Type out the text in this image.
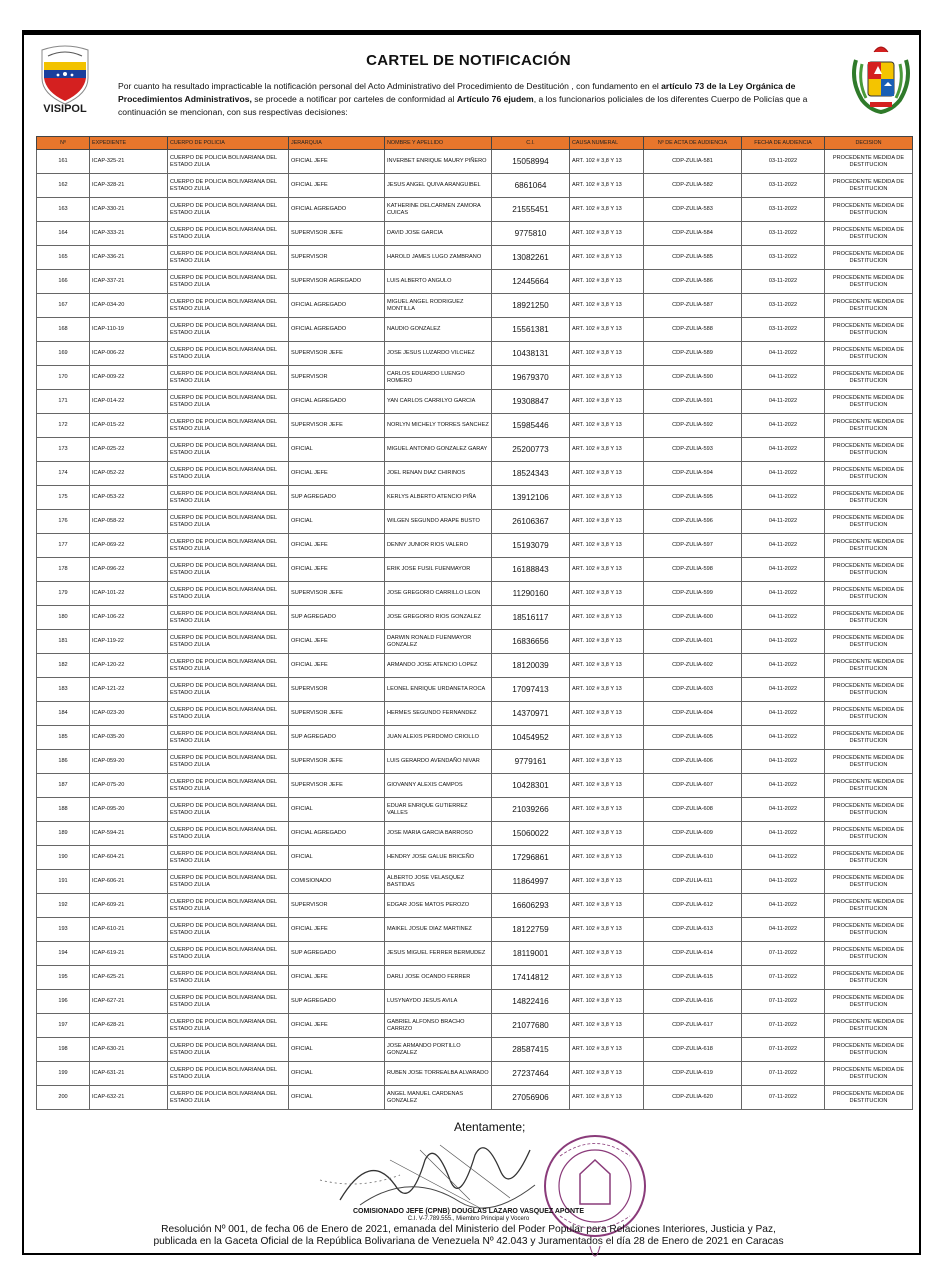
VISIPOL
CARTEL DE NOTIFICACIÓN
Por cuanto ha resultado impracticable la notificación personal del Acto Administrativo del Procedimiento de Destitución , con fundamento en el artículo 73 de la Ley Orgánica de Procedimientos Administrativos, se procede a notificar por carteles de conformidad al Artículo 76 ejudem, a los funcionarios policiales de los diferentes Cuerpo de Policías que a continuación se mencionan, con sus respectivas decisiones:
Nº	EXPEDIENTE	CUERPO DE POLICIA	JERARQUIA	NOMBRE Y APELLIDO	C.I.	CAUSA NUMERAL	Nº DE ACTA DE AUDIENCIA	FECHA DE AUDIENCIA	DECISION
161	ICAP-325-21	CUERPO DE POLICIA BOLIVARIANA DEL ESTADO ZULIA	OFICIAL JEFE	INVERBET ENRIQUE MAURY PIÑERO	15058994	ART. 102 # 3,8 Y 13	CDP-ZULIA-581	03-11-2022	PROCEDENTE MEDIDA DE DESTITUCION
162	ICAP-328-21	CUERPO DE POLICIA BOLIVARIANA DEL ESTADO ZULIA	OFICIAL JEFE	JESUS ANGEL QUIVA ARANGUIBEL	6861064	ART. 102 # 3,8 Y 13	CDP-ZULIA-582	03-11-2022	PROCEDENTE MEDIDA DE DESTITUCION
163	ICAP-330-21	CUERPO DE POLICIA BOLIVARIANA DEL ESTADO ZULIA	OFICIAL AGREGADO	KATHERINE DELCARMEN ZAMORA CUICAS	21555451	ART. 102 # 3,8 Y 13	CDP-ZULIA-583	03-11-2022	PROCEDENTE MEDIDA DE DESTITUCION
164	ICAP-333-21	CUERPO DE POLICIA BOLIVARIANA DEL ESTADO ZULIA	SUPERVISOR JEFE	DAVID JOSE GARCIA	9775810	ART. 102 # 3,8 Y 13	CDP-ZULIA-584	03-11-2022	PROCEDENTE MEDIDA DE DESTITUCION
165	ICAP-336-21	CUERPO DE POLICIA BOLIVARIANA DEL ESTADO ZULIA	SUPERVISOR	HAROLD JAMES LUGO ZAMBRANO	13082261	ART. 102 # 3,8 Y 13	CDP-ZULIA-585	03-11-2022	PROCEDENTE MEDIDA DE DESTITUCION
166	ICAP-337-21	CUERPO DE POLICIA BOLIVARIANA DEL ESTADO ZULIA	SUPERVISOR AGREGADO	LUIS ALBERTO ANGULO	12445664	ART. 102 # 3,8 Y 13	CDP-ZULIA-586	03-11-2022	PROCEDENTE MEDIDA DE DESTITUCION
167	ICAP-034-20	CUERPO DE POLICIA BOLIVARIANA DEL ESTADO ZULIA	OFICIAL AGREGADO	MIGUEL ANGEL RODRIGUEZ MONTILLA	18921250	ART. 102 # 3,8 Y 13	CDP-ZULIA-587	03-11-2022	PROCEDENTE MEDIDA DE DESTITUCION
168	ICAP-110-19	CUERPO DE POLICIA BOLIVARIANA DEL ESTADO ZULIA	OFICIAL AGREGADO	NAUDIO GONZALEZ	15561381	ART. 102 # 3,8 Y 13	CDP-ZULIA-588	03-11-2022	PROCEDENTE MEDIDA DE DESTITUCION
169	ICAP-006-22	CUERPO DE POLICIA BOLIVARIANA DEL ESTADO ZULIA	SUPERVISOR JEFE	JOSE JESUS LUZARDO VILCHEZ	10438131	ART. 102 # 3,8 Y 13	CDP-ZULIA-589	04-11-2022	PROCEDENTE MEDIDA DE DESTITUCION
170	ICAP-009-22	CUERPO DE POLICIA BOLIVARIANA DEL ESTADO ZULIA	SUPERVISOR	CARLOS EDUARDO LUENGO ROMERO	19679370	ART. 102 # 3,8 Y 13	CDP-ZULIA-590	04-11-2022	PROCEDENTE MEDIDA DE DESTITUCION
171	ICAP-014-22	CUERPO DE POLICIA BOLIVARIANA DEL ESTADO ZULIA	OFICIAL AGREGADO	YAN CARLOS CARRILYO GARCIA	19308847	ART. 102 # 3,8 Y 13	CDP-ZULIA-591	04-11-2022	PROCEDENTE MEDIDA DE DESTITUCION
172	ICAP-015-22	CUERPO DE POLICIA BOLIVARIANA DEL ESTADO ZULIA	SUPERVISOR JEFE	NORLYN MICHELY TORRES SANCHEZ	15985446	ART. 102 # 3,8 Y 13	CDP-ZULIA-592	04-11-2022	PROCEDENTE MEDIDA DE DESTITUCION
173	ICAP-025-22	CUERPO DE POLICIA BOLIVARIANA DEL ESTADO ZULIA	OFICIAL	MIGUEL ANTONIO GONZALEZ GARAY	25200773	ART. 102 # 3,8 Y 13	CDP-ZULIA-593	04-11-2022	PROCEDENTE MEDIDA DE DESTITUCION
174	ICAP-052-22	CUERPO DE POLICIA BOLIVARIANA DEL ESTADO ZULIA	OFICIAL JEFE	JOEL RENAN DIAZ CHIRINOS	18524343	ART. 102 # 3,8 Y 13	CDP-ZULIA-594	04-11-2022	PROCEDENTE MEDIDA DE DESTITUCION
175	ICAP-053-22	CUERPO DE POLICIA BOLIVARIANA DEL ESTADO ZULIA	SUP AGREGADO	KERLYS ALBERTO ATENCIO PIÑA	13912106	ART. 102 # 3,8 Y 13	CDP-ZULIA-595	04-11-2022	PROCEDENTE MEDIDA DE DESTITUCION
176	ICAP-058-22	CUERPO DE POLICIA BOLIVARIANA DEL ESTADO ZULIA	OFICIAL	WILGEN SEGUNDO ARAPE BUSTO	26106367	ART. 102 # 3,8 Y 13	CDP-ZULIA-596	04-11-2022	PROCEDENTE MEDIDA DE DESTITUCION
177	ICAP-069-22	CUERPO DE POLICIA BOLIVARIANA DEL ESTADO ZULIA	OFICIAL JEFE	DENNY JUNIOR RIOS VALERO	15193079	ART. 102 # 3,8 Y 13	CDP-ZULIA-597	04-11-2022	PROCEDENTE MEDIDA DE DESTITUCION
178	ICAP-096-22	CUERPO DE POLICIA BOLIVARIANA DEL ESTADO ZULIA	OFICIAL JEFE	ERIK JOSE FUSIL FUENMAYOR	16188843	ART. 102 # 3,8 Y 13	CDP-ZULIA-598	04-11-2022	PROCEDENTE MEDIDA DE DESTITUCION
179	ICAP-101-22	CUERPO DE POLICIA BOLIVARIANA DEL ESTADO ZULIA	SUPERVISOR JEFE	JOSE GREGORIO CARRILLO LEON	11290160	ART. 102 # 3,8 Y 13	CDP-ZULIA-599	04-11-2022	PROCEDENTE MEDIDA DE DESTITUCION
180	ICAP-106-22	CUERPO DE POLICIA BOLIVARIANA DEL ESTADO ZULIA	SUP AGREGADO	JOSE GREGORIO RIOS GONZALEZ	18516117	ART. 102 # 3,8 Y 13	CDP-ZULIA-600	04-11-2022	PROCEDENTE MEDIDA DE DESTITUCION
181	ICAP-119-22	CUERPO DE POLICIA BOLIVARIANA DEL ESTADO ZULIA	OFICIAL JEFE	DARWIN RONALD FUENMAYOR GONZALEZ	16836656	ART. 102 # 3,8 Y 13	CDP-ZULIA-601	04-11-2022	PROCEDENTE MEDIDA DE DESTITUCION
182	ICAP-120-22	CUERPO DE POLICIA BOLIVARIANA DEL ESTADO ZULIA	OFICIAL JEFE	ARMANDO JOSE ATENCIO LOPEZ	18120039	ART. 102 # 3,8 Y 13	CDP-ZULIA-602	04-11-2022	PROCEDENTE MEDIDA DE DESTITUCION
183	ICAP-121-22	CUERPO DE POLICIA BOLIVARIANA DEL ESTADO ZULIA	SUPERVISOR	LEONEL ENRIQUE URDANETA ROCA	17097413	ART. 102 # 3,8 Y 13	CDP-ZULIA-603	04-11-2022	PROCEDENTE MEDIDA DE DESTITUCION
184	ICAP-023-20	CUERPO DE POLICIA BOLIVARIANA DEL ESTADO ZULIA	SUPERVISOR JEFE	HERMES SEGUNDO FERNANDEZ	14370971	ART. 102 # 3,8 Y 13	CDP-ZULIA-604	04-11-2022	PROCEDENTE MEDIDA DE DESTITUCION
185	ICAP-035-20	CUERPO DE POLICIA BOLIVARIANA DEL ESTADO ZULIA	SUP AGREGADO	JUAN ALEXIS PERDOMO CRIOLLO	10454952	ART. 102 # 3,8 Y 13	CDP-ZULIA-605	04-11-2022	PROCEDENTE MEDIDA DE DESTITUCION
186	ICAP-059-20	CUERPO DE POLICIA BOLIVARIANA DEL ESTADO ZULIA	SUPERVISOR JEFE	LUIS GERARDO AVENDAÑO NIVAR	9779161	ART. 102 # 3,8 Y 13	CDP-ZULIA-606	04-11-2022	PROCEDENTE MEDIDA DE DESTITUCION
187	ICAP-075-20	CUERPO DE POLICIA BOLIVARIANA DEL ESTADO ZULIA	SUPERVISOR JEFE	GIOVANNY ALEXIS CAMPOS	10428301	ART. 102 # 3,8 Y 13	CDP-ZULIA-607	04-11-2022	PROCEDENTE MEDIDA DE DESTITUCION
188	ICAP-095-20	CUERPO DE POLICIA BOLIVARIANA DEL ESTADO ZULIA	OFICIAL	EDUAR ENRIQUE GUTIERREZ VALLES	21039266	ART. 102 # 3,8 Y 13	CDP-ZULIA-608	04-11-2022	PROCEDENTE MEDIDA DE DESTITUCION
189	ICAP-594-21	CUERPO DE POLICIA BOLIVARIANA DEL ESTADO ZULIA	OFICIAL AGREGADO	JOSE MARIA GARCIA BARROSO	15060022	ART. 102 # 3,8 Y 13	CDP-ZULIA-609	04-11-2022	PROCEDENTE MEDIDA DE DESTITUCION
190	ICAP-604-21	CUERPO DE POLICIA BOLIVARIANA DEL ESTADO ZULIA	OFICIAL	HENDRY JOSE GALUE BRICEÑO	17296861	ART. 102 # 3,8 Y 13	CDP-ZULIA-610	04-11-2022	PROCEDENTE MEDIDA DE DESTITUCION
191	ICAP-606-21	CUERPO DE POLICIA BOLIVARIANA DEL ESTADO ZULIA	COMISIONADO	ALBERTO JOSE VELASQUEZ BASTIDAS	11864997	ART. 102 # 3,8 Y 13	CDP-ZULIA-611	04-11-2022	PROCEDENTE MEDIDA DE DESTITUCION
192	ICAP-609-21	CUERPO DE POLICIA BOLIVARIANA DEL ESTADO ZULIA	SUPERVISOR	EDGAR JOSE MATOS PEROZO	16606293	ART. 102 # 3,8 Y 13	CDP-ZULIA-612	04-11-2022	PROCEDENTE MEDIDA DE DESTITUCION
193	ICAP-610-21	CUERPO DE POLICIA BOLIVARIANA DEL ESTADO ZULIA	OFICIAL JEFE	MAIKEL JOSUE DIAZ MARTINEZ	18122759	ART. 102 # 3,8 Y 13	CDP-ZULIA-613	04-11-2022	PROCEDENTE MEDIDA DE DESTITUCION
194	ICAP-619-21	CUERPO DE POLICIA BOLIVARIANA DEL ESTADO ZULIA	SUP AGREGADO	JESUS MIGUEL FERRER BERMUDEZ	18119001	ART. 102 # 3,8 Y 13	CDP-ZULIA-614	07-11-2022	PROCEDENTE MEDIDA DE DESTITUCION
195	ICAP-625-21	CUERPO DE POLICIA BOLIVARIANA DEL ESTADO ZULIA	OFICIAL JEFE	DARLI JOSE OCANDO FERRER	17414812	ART. 102 # 3,8 Y 13	CDP-ZULIA-615	07-11-2022	PROCEDENTE MEDIDA DE DESTITUCION
196	ICAP-627-21	CUERPO DE POLICIA BOLIVARIANA DEL ESTADO ZULIA	SUP AGREGADO	LUSYNAYDO JESUS AVILA	14822416	ART. 102 # 3,8 Y 13	CDP-ZULIA-616	07-11-2022	PROCEDENTE MEDIDA DE DESTITUCION
197	ICAP-628-21	CUERPO DE POLICIA BOLIVARIANA DEL ESTADO ZULIA	OFICIAL JEFE	GABRIEL ALFONSO BRACHO CARRIZO	21077680	ART. 102 # 3,8 Y 13	CDP-ZULIA-617	07-11-2022	PROCEDENTE MEDIDA DE DESTITUCION
198	ICAP-630-21	CUERPO DE POLICIA BOLIVARIANA DEL ESTADO ZULIA	OFICIAL	JOSE ARMANDO PORTILLO GONZALEZ	28587415	ART. 102 # 3,8 Y 13	CDP-ZULIA-618	07-11-2022	PROCEDENTE MEDIDA DE DESTITUCION
199	ICAP-631-21	CUERPO DE POLICIA BOLIVARIANA DEL ESTADO ZULIA	OFICIAL	RUBEN JOSE TORREALBA ALVARADO	27237464	ART. 102 # 3,8 Y 13	CDP-ZULIA-619	07-11-2022	PROCEDENTE MEDIDA DE DESTITUCION
200	ICAP-632-21	CUERPO DE POLICIA BOLIVARIANA DEL ESTADO ZULIA	OFICIAL	ANGEL MANUEL CARDENAS GONZALEZ	27056906	ART. 102 # 3,8 Y 13	CDP-ZULIA-620	07-11-2022	PROCEDENTE MEDIDA DE DESTITUCION
Atentamente;
COMISIONADO JEFE (CPNB) DOUGLAS LAZARO VASQUEZ APONTE
C.I. V-7.789.555., Miembro Principal y Vocero
Resolución Nº 001, de fecha 06 de Enero de 2021, emanada del Ministerio del Poder Popular para Relaciones Interiores, Justicia y Paz,
publicada en la Gaceta Oficial de la República Bolivariana de Venezuela Nº 42.043 y Juramentados el día 28 de Enero de 2021 en Caracas
